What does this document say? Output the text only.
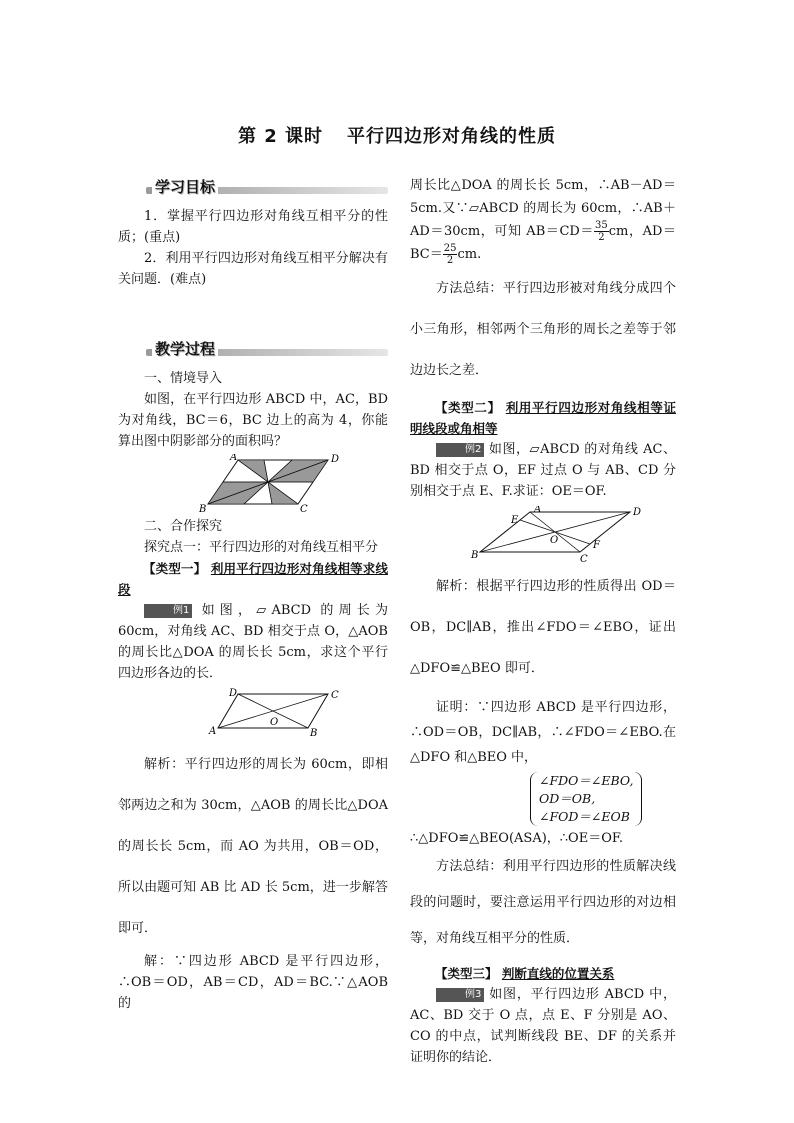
第 2 课时 平行四边形对角线的性质
学习目标

1．掌握平行四边形对角线互相平分的性质；(重点)

2．利用平行四边形对角线互相平分解决有关问题．(难点)

教学过程

一、情境导入

如图，在平行四边形 ABCD 中，AC，BD 为对角线，BC＝6，BC 边上的高为 4，你能算出图中阴影部分的面积吗？

A	D
B	C

二、合作探究

探究点一：平行四边形的对角线互相平分

【类型一】 利用平行四边形对角线相等求线段

例1 如图，▱ABCD 的周长为 60cm，对角线 AC、BD 相交于点 O，△AOB 的周长比△DOA 的周长长 5cm，求这个平行四边形各边的长．

D	C
A	B
O

解析：平行四边形的周长为 60cm，即相邻两边之和为 30cm，△AOB 的周长比△DOA 的周长长 5cm，而 AO 为共用，OB＝OD，所以由题可知 AB 比 AD 长 5cm，进一步解答即可．

解：∵四边形 ABCD 是平行四边形，∴OB＝OD，AB＝CD，AD＝BC.∵△AOB 的

周长比△DOA 的周长长 5cm，∴AB－AD＝5cm.又∵▱ABCD 的周长为 60cm，∴AB＋AD＝30cm，可知 $AB=CD= \frac{35}{2}$ cm，$AD=BC= \frac{25}{2}$ cm.

方法总结：平行四边形被对角线分成四个小三角形，相邻两个三角形的周长之差等于邻边边长之差．

【类型二】 利用平行四边形对角线相等证明线段或角相等

例2 如图，▱ABCD 的对角线 AC、BD 相交于点 O，EF 过点 O 与 AB、CD 分别相交于点 E、F.求证：OE＝OF.

A	D
B	C
E
F
O

解析：根据平行四边形的性质得出 OD＝OB，DC∥AB，推出∠FDO＝∠EBO，证出△DFO≌△BEO 即可．

证明：∵四边形 ABCD 是平行四边形，∴OD＝OB，DC∥AB，∴∠FDO＝∠EBO.在△DFO 和△BEO 中，

∠FDO＝∠EBO,
OD＝OB,
∠FOD＝∠EOB

∴△DFO≌△BEO(ASA)，∴OE＝OF.

方法总结：利用平行四边形的性质解决线段的问题时，要注意运用平行四边形的对边相等，对角线互相平分的性质．

【类型三】 判断直线的位置关系

例3 如图，平行四边形 ABCD 中，AC、BD 交于 O 点，点 E、F 分别是 AO、CO 的中点，试判断线段 BE、DF 的关系并证明你的结论．
